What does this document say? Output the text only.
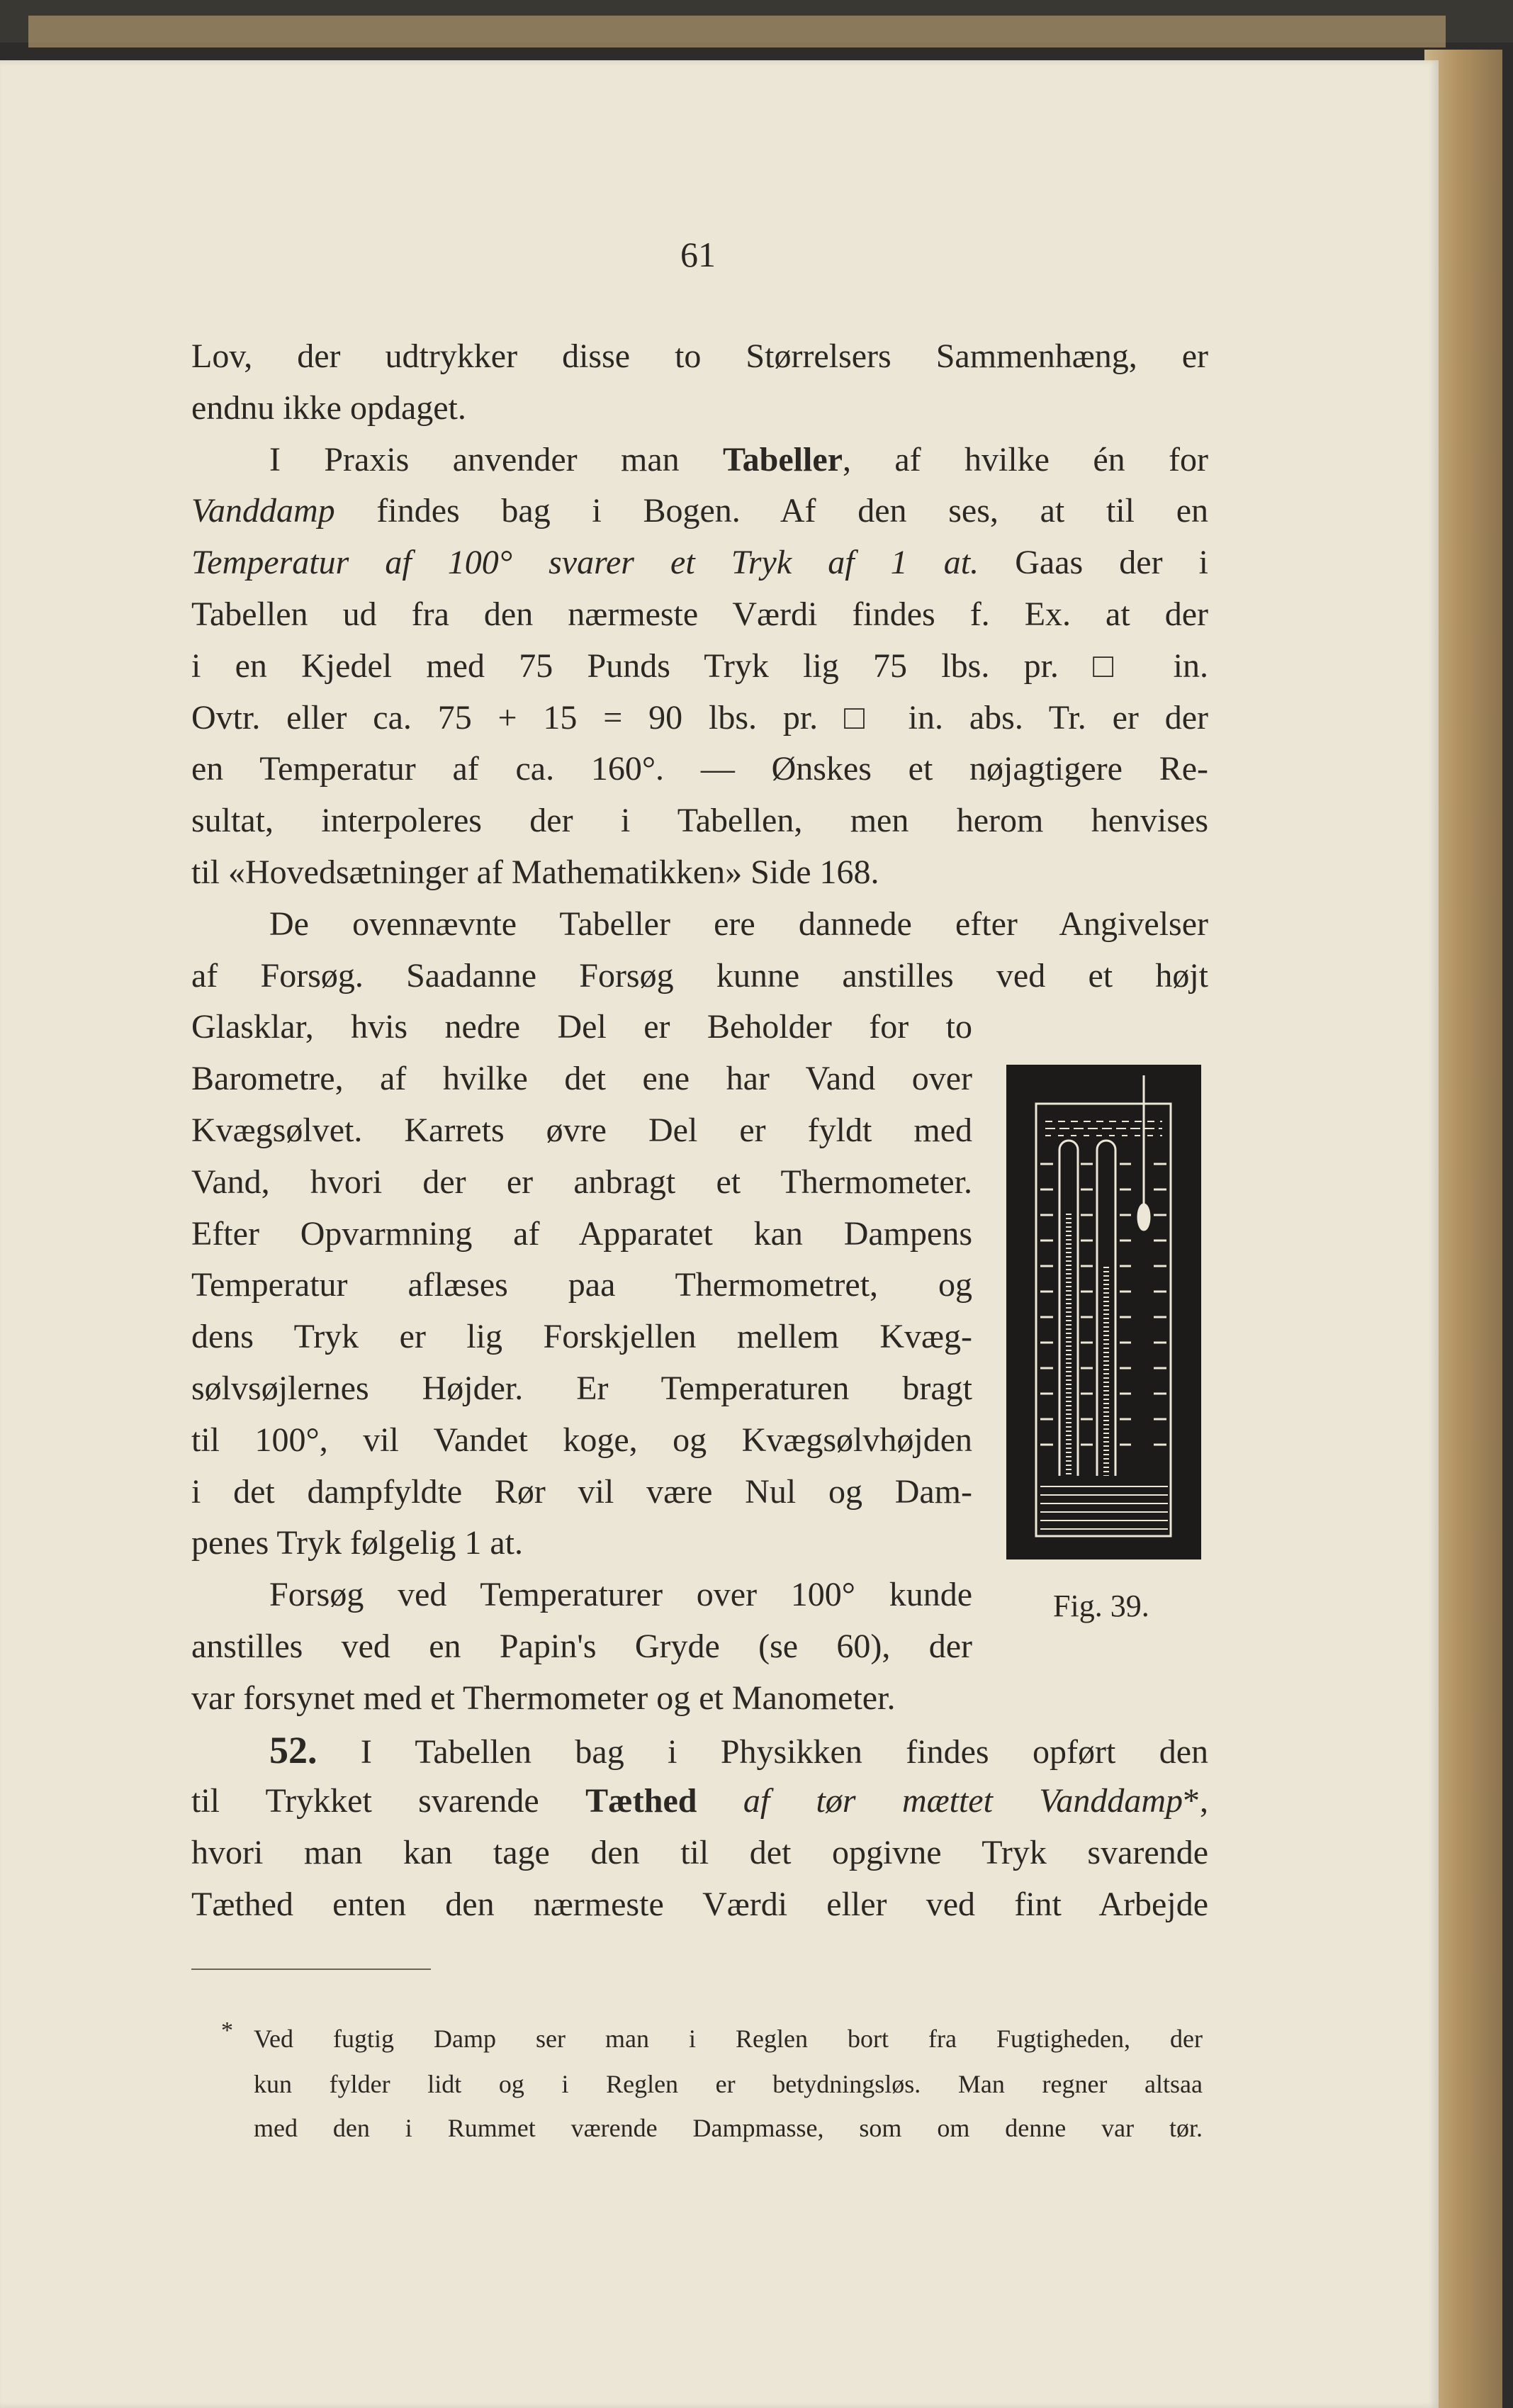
61
Lov, der udtrykker disse to Størrelsers Sammenhæng, er
endnu ikke opdaget.
I Praxis anvender man Tabeller, af hvilke én for
Vanddamp findes bag i Bogen. Af den ses, at til en
Temperatur af 100° svarer et Tryk af 1 at. Gaas der i
Tabellen ud fra den nærmeste Værdi findes f. Ex. at der
i en Kjedel med 75 Punds Tryk lig 75 lbs. pr. □ in.
Ovtr. eller ca. 75 + 15 = 90 lbs. pr. □ in. abs. Tr. er der
en Temperatur af ca. 160°. — Ønskes et nøjagtigere Re-
sultat, interpoleres der i Tabellen, men herom henvises
til «Hovedsætninger af Mathematikken» Side 168.
De ovennævnte Tabeller ere dannede efter Angivelser
af Forsøg. Saadanne Forsøg kunne anstilles ved et højt
Glasklar, hvis nedre Del er Beholder for to
Barometre, af hvilke det ene har Vand over
Kvægsølvet. Karrets øvre Del er fyldt med
Vand, hvori der er anbragt et Thermometer.
Efter Opvarmning af Apparatet kan Dampens
Temperatur aflæses paa Thermometret, og
dens Tryk er lig Forskjellen mellem Kvæg-
sølvsøjlernes Højder. Er Temperaturen bragt
til 100°, vil Vandet koge, og Kvægsølvhøjden
i det dampfyldte Rør vil være Nul og Dam-
penes Tryk følgelig 1 at.
Forsøg ved Temperaturer over 100° kunde
anstilles ved en Papin's Gryde (se 60), der
var forsynet med et Thermometer og et Manometer.
52. I Tabellen bag i Physikken findes opført den
til Trykket svarende Tæthed af tør mættet Vanddamp*,
hvori man kan tage den til det opgivne Tryk svarende
Tæthed enten den nærmeste Værdi eller ved fint Arbejde
Fig. 39.
* Ved fugtig Damp ser man i Reglen bort fra Fugtigheden, der
kun fylder lidt og i Reglen er betydningsløs. Man regner altsaa
med den i Rummet værende Dampmasse, som om denne var tør.
